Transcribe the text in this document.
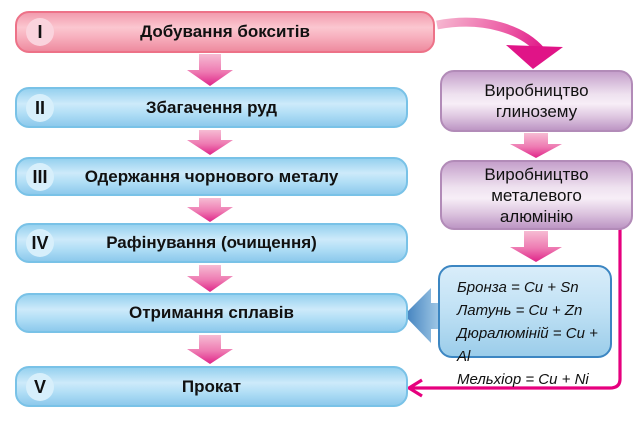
I	Добування бокситів
II	Збагачення руд
III	Одержання чорнового металу
IV	Рафінування (очищення)
Отримання сплавів
V	Прокат
Виробництво глинозему
Виробництво металевого алюмінію
Бронза = Cu + Sn
Латунь = Cu + Zn
Дюралюміній = Cu + Al
Мельхіор = Cu + Ni
